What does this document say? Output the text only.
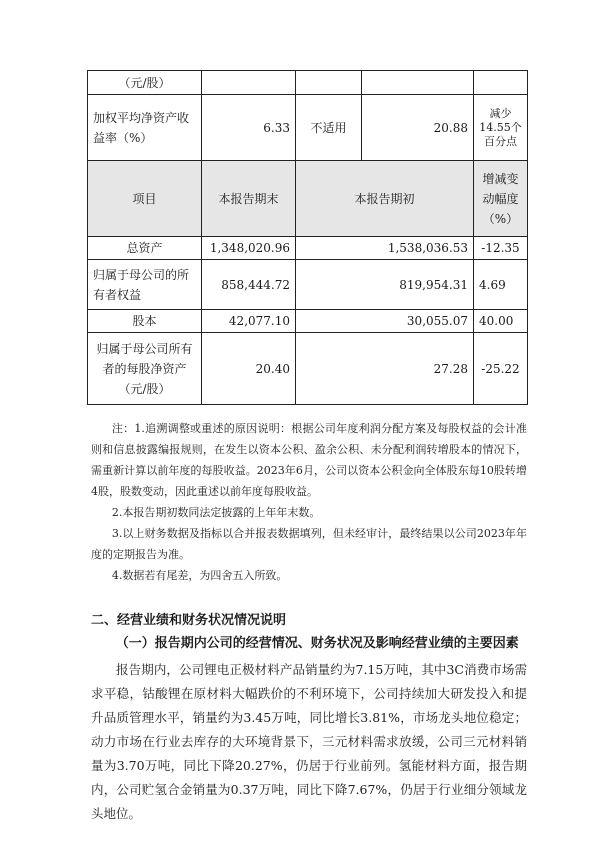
（元/股）				
加权平均净资产收益率（%）	6.33	不适用	20.88	减少14.55个百分点
项目	本报告期末	本报告期初		增减变动幅度（%）
总资产	1,348,020.96	1,538,036.53		-12.35
归属于母公司的所有者权益	858,444.72	819,954.31		4.69
股本	42,077.10	30,055.07		40.00
归属于母公司所有者的每股净资产（元/股）	20.40	27.28		-25.22

注：1.追溯调整或重述的原因说明：根据公司年度利润分配方案及每股权益的会计准则和信息披露编报规则，在发生以资本公积、盈余公积、未分配利润转增股本的情况下，需重新计算以前年度的每股收益。2023年6月，公司以资本公积金向全体股东每10股转增4股，股数变动，因此重述以前年度每股收益。

2.本报告期初数同法定披露的上年年末数。

3.以上财务数据及指标以合并报表数据填列，但未经审计，最终结果以公司2023年年度的定期报告为准。

4.数据若有尾差，为四舍五入所致。

二、经营业绩和财务状况情况说明
（一）报告期内公司的经营情况、财务状况及影响经营业绩的主要因素

报告期内，公司锂电正极材料产品销量约为7.15万吨，其中3C消费市场需求平稳，钴酸锂在原材料大幅跌价的不利环境下，公司持续加大研发投入和提升品质管理水平，销量约为3.45万吨，同比增长3.81%，市场龙头地位稳定；动力市场在行业去库存的大环境背景下，三元材料需求放缓，公司三元材料销量为3.70万吨，同比下降20.27%，仍居于行业前列。氢能材料方面，报告期内，公司贮氢合金销量为0.37万吨，同比下降7.67%，仍居于行业细分领域龙头地位。
